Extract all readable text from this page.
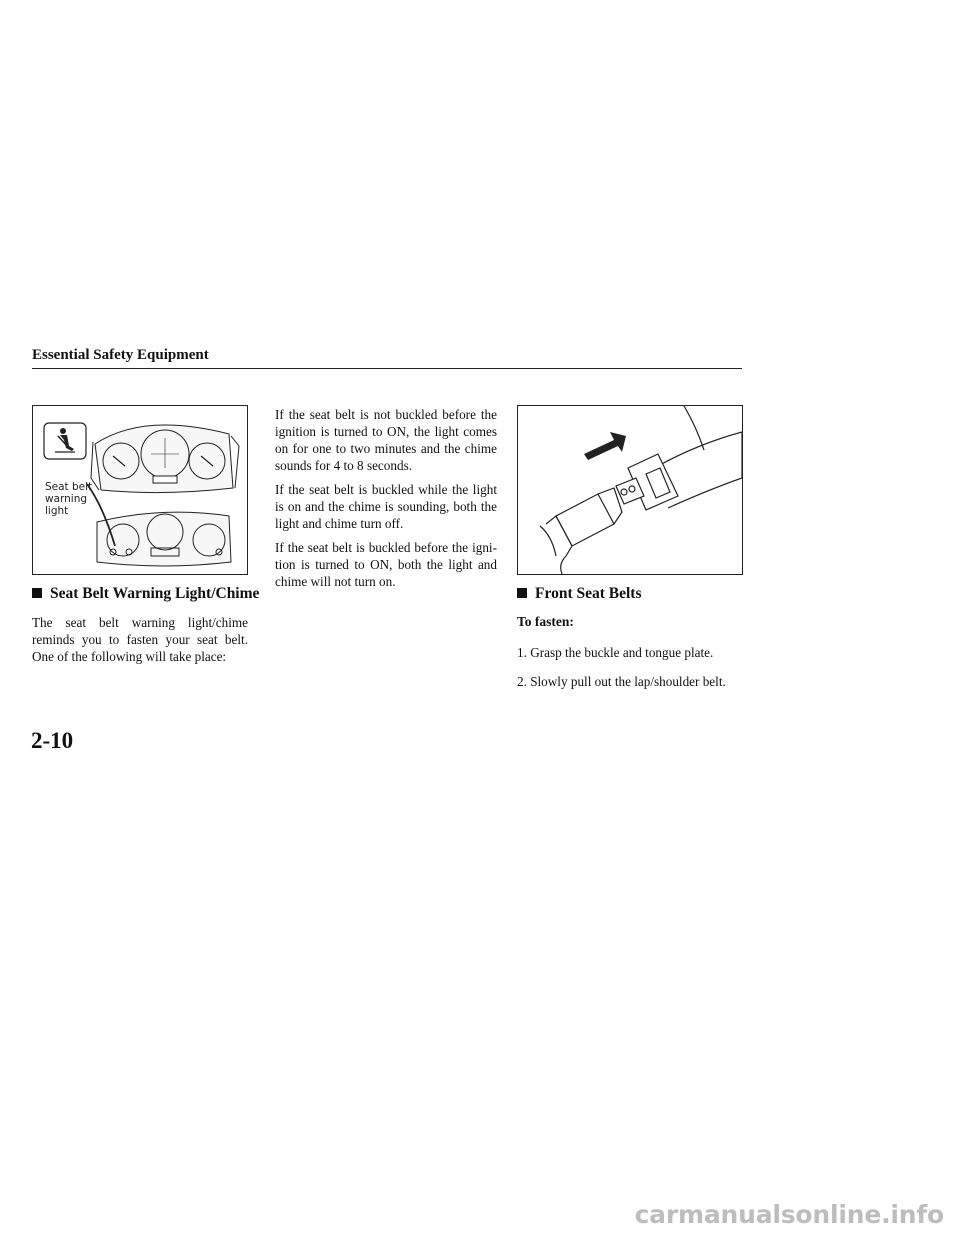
Essential Safety Equipment
Seat belt
warning
light
Seat Belt Warning Light/Chime

The seat belt warning light/chime reminds you to fasten your seat belt. One of the following will take place:

If the seat belt is not buckled before the ignition is turned to ON, the light comes on for one to two minutes and the chime sounds for 4 to 8 seconds.

If the seat belt is buckled while the light is on and the chime is sounding, both the light and chime turn off.

If the seat belt is buckled before the ignition is turned to ON, both the light and chime will not turn on.

Front Seat Belts
To fasten:
1. Grasp the buckle and tongue plate.
2. Slowly pull out the lap/shoulder belt.
2-10
carmanualsonline.info
